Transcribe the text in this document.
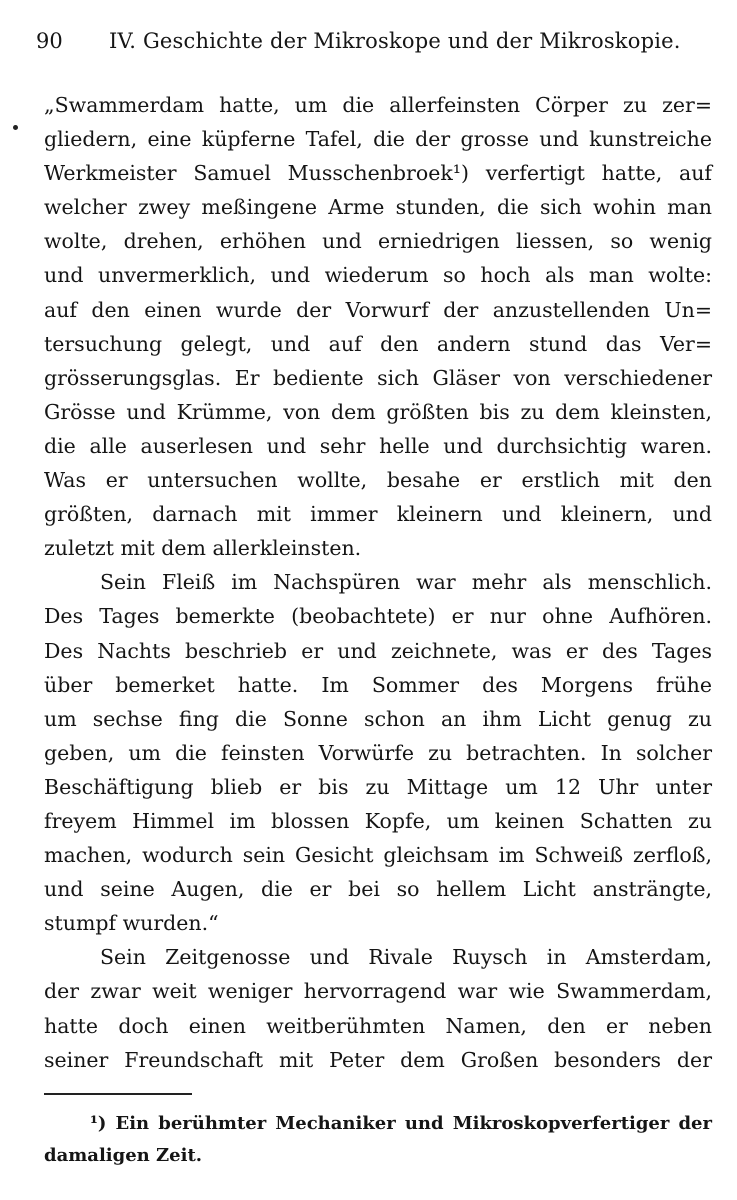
90 IV. Geschichte der Mikroskope und der Mikroskopie.
„Swammerdam hatte, um die allerfeinsten Cörper zu zer=
gliedern, eine küpferne Tafel, die der grosse und kunstreiche
Werkmeister Samuel Musschenbroek¹) verfertigt hatte, auf
welcher zwey meßingene Arme stunden, die sich wohin man
wolte, drehen, erhöhen und erniedrigen liessen, so wenig
und unvermerklich, und wiederum so hoch als man wolte:
auf den einen wurde der Vorwurf der anzustellenden Un=
tersuchung gelegt, und auf den andern stund das Ver=
grösserungsglas. Er bediente sich Gläser von verschiedener
Grösse und Krümme, von dem größten bis zu dem kleinsten,
die alle auserlesen und sehr helle und durchsichtig waren.
Was er untersuchen wollte, besahe er erstlich mit den
größten, darnach mit immer kleinern und kleinern, und
zuletzt mit dem allerkleinsten.
Sein Fleiß im Nachspüren war mehr als menschlich.
Des Tages bemerkte (beobachtete) er nur ohne Aufhören.
Des Nachts beschrieb er und zeichnete, was er des Tages
über bemerket hatte. Im Sommer des Morgens frühe
um sechse fing die Sonne schon an ihm Licht genug zu
geben, um die feinsten Vorwürfe zu betrachten. In solcher
Beschäftigung blieb er bis zu Mittage um 12 Uhr unter
freyem Himmel im blossen Kopfe, um keinen Schatten zu
machen, wodurch sein Gesicht gleichsam im Schweiß zerfloß,
und seine Augen, die er bei so hellem Licht ansträngte,
stumpf wurden.“
Sein Zeitgenosse und Rivale Ruysch in Amsterdam,
der zwar weit weniger hervorragend war wie Swammerdam,
hatte doch einen weitberühmten Namen, den er neben
seiner Freundschaft mit Peter dem Großen besonders der
¹) Ein berühmter Mechaniker und Mikroskopverfertiger der
damaligen Zeit.
